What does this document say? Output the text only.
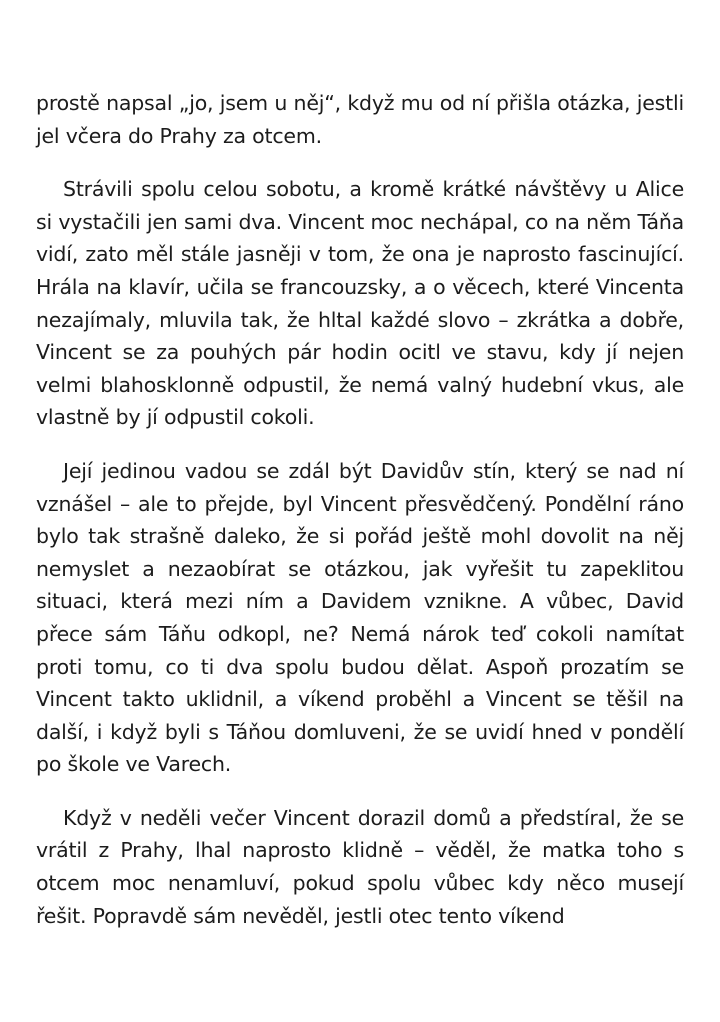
prostě napsal „jo, jsem u něj“, když mu od ní přišla otázka, jestli jel včera do Prahy za otcem.

Strávili spolu celou sobotu, a kromě krátké návštěvy u Alice si vystačili jen sami dva. Vincent moc nechápal, co na něm Táňa vidí, zato měl stále jasněji v tom, že ona je naprosto fascinující. Hrála na klavír, učila se francouzsky, a o věcech, které Vincenta nezajímaly, mluvila tak, že hltal každé slovo – zkrátka a dobře, Vincent se za pouhých pár hodin ocitl ve stavu, kdy jí nejen velmi blahosklonně odpustil, že nemá valný hudební vkus, ale vlastně by jí odpustil cokoli.

Její jedinou vadou se zdál být Davidův stín, který se nad ní vznášel – ale to přejde, byl Vincent přesvědčený. Pondělní ráno bylo tak strašně daleko, že si pořád ještě mohl dovolit na něj nemyslet a nezaobírat se otázkou, jak vyřešit tu zapeklitou situaci, která mezi ním a Davidem vznikne. A vůbec, David přece sám Táňu odkopl, ne? Nemá nárok teď cokoli namítat proti tomu, co ti dva spolu budou dělat. Aspoň prozatím se Vincent takto uklidnil, a víkend proběhl a Vincent se těšil na další, i když byli s Táňou domluveni, že se uvidí hned v pondělí po škole ve Varech.

Když v neděli večer Vincent dorazil domů a předstíral, že se vrátil z Prahy, lhal naprosto klidně – věděl, že matka toho s otcem moc nenamluví, pokud spolu vůbec kdy něco musejí řešit. Popravdě sám nevěděl, jestli otec tento víkend
